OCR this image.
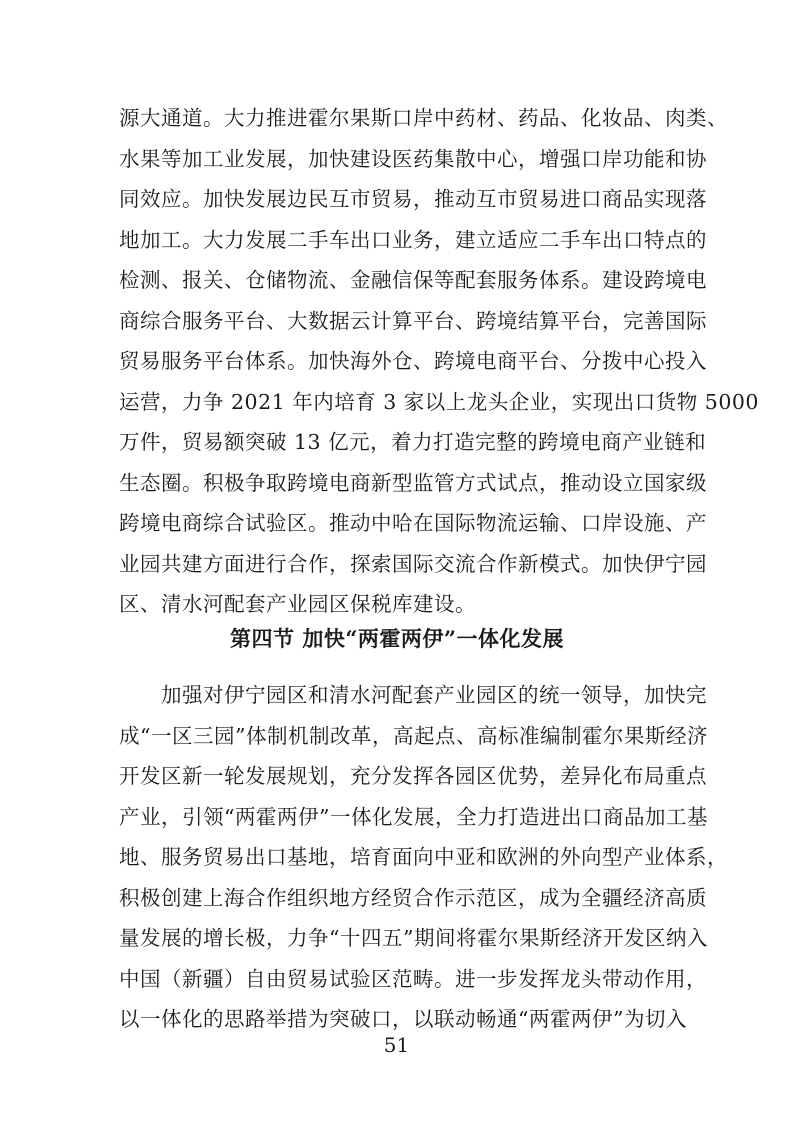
源大通道。大力推进霍尔果斯口岸中药材、药品、化妆品、肉类、
水果等加工业发展，加快建设医药集散中心，增强口岸功能和协
同效应。加快发展边民互市贸易，推动互市贸易进口商品实现落
地加工。大力发展二手车出口业务，建立适应二手车出口特点的
检测、报关、仓储物流、金融信保等配套服务体系。建设跨境电
商综合服务平台、大数据云计算平台、跨境结算平台，完善国际
贸易服务平台体系。加快海外仓、跨境电商平台、分拨中心投入
运营，力争 2021 年内培育 3 家以上龙头企业，实现出口货物 5000
万件，贸易额突破 13 亿元，着力打造完整的跨境电商产业链和
生态圈。积极争取跨境电商新型监管方式试点，推动设立国家级
跨境电商综合试验区。推动中哈在国际物流运输、口岸设施、产
业园共建方面进行合作，探索国际交流合作新模式。加快伊宁园
区、清水河配套产业园区保税库建设。
第四节 加快“两霍两伊”一体化发展
加强对伊宁园区和清水河配套产业园区的统一领导，加快完
成“一区三园”体制机制改革，高起点、高标准编制霍尔果斯经济
开发区新一轮发展规划，充分发挥各园区优势，差异化布局重点
产业，引领“两霍两伊”一体化发展，全力打造进出口商品加工基
地、服务贸易出口基地，培育面向中亚和欧洲的外向型产业体系，
积极创建上海合作组织地方经贸合作示范区，成为全疆经济高质
量发展的增长极，力争“十四五”期间将霍尔果斯经济开发区纳入
中国（新疆）自由贸易试验区范畴。进一步发挥龙头带动作用，
以一体化的思路举措为突破口，以联动畅通“两霍两伊”为切入
51
